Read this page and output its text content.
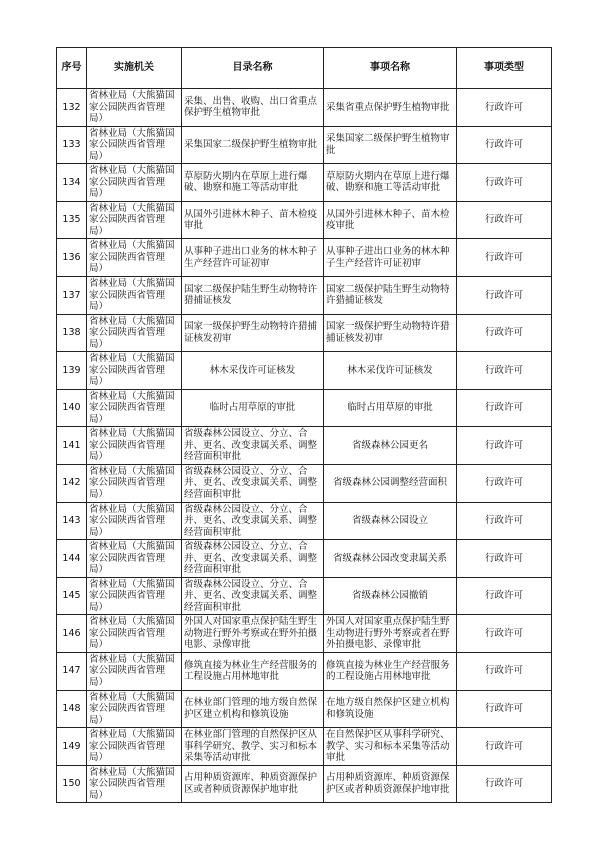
序号	实施机关	目录名称	事项名称	事项类型
132	省林业局（大熊猫国家公园陕西省管理局）	采集、出售、收购、出口省重点保护野生植物审批	采集省重点保护野生植物审批	行政许可
133	省林业局（大熊猫国家公园陕西省管理局）	采集国家二级保护野生植物审批	采集国家二级保护野生植物审批	行政许可
134	省林业局（大熊猫国家公园陕西省管理局）	草原防火期内在草原上进行爆破、勘察和施工等活动审批	草原防火期内在草原上进行爆破、勘察和施工等活动审批	行政许可
135	省林业局（大熊猫国家公园陕西省管理局）	从国外引进林木种子、苗木检疫审批	从国外引进林木种子、苗木检疫审批	行政许可
136	省林业局（大熊猫国家公园陕西省管理局）	从事种子进出口业务的林木种子生产经营许可证初审	从事种子进出口业务的林木种子生产经营许可证初审	行政许可
137	省林业局（大熊猫国家公园陕西省管理局）	国家二级保护陆生野生动物特许猎捕证核发	国家二级保护陆生野生动物特许猎捕证核发	行政许可
138	省林业局（大熊猫国家公园陕西省管理局）	国家一级保护野生动物特许猎捕证核发初审	国家一级保护野生动物特许猎捕证核发初审	行政许可
139	省林业局（大熊猫国家公园陕西省管理局）	林木采伐许可证核发	林木采伐许可证核发	行政许可
140	省林业局（大熊猫国家公园陕西省管理局）	临时占用草原的审批	临时占用草原的审批	行政许可
141	省林业局（大熊猫国家公园陕西省管理局）	省级森林公园设立、分立、合并、更名、改变隶属关系、调整经营面积审批	省级森林公园更名	行政许可
142	省林业局（大熊猫国家公园陕西省管理局）	省级森林公园设立、分立、合并、更名、改变隶属关系、调整经营面积审批	省级森林公园调整经营面积	行政许可
143	省林业局（大熊猫国家公园陕西省管理局）	省级森林公园设立、分立、合并、更名、改变隶属关系、调整经营面积审批	省级森林公园设立	行政许可
144	省林业局（大熊猫国家公园陕西省管理局）	省级森林公园设立、分立、合并、更名、改变隶属关系、调整经营面积审批	省级森林公园改变隶属关系	行政许可
145	省林业局（大熊猫国家公园陕西省管理局）	省级森林公园设立、分立、合并、更名、改变隶属关系、调整经营面积审批	省级森林公园撤销	行政许可
146	省林业局（大熊猫国家公园陕西省管理局）	外国人对国家重点保护陆生野生动物进行野外考察或在野外拍摄电影、录像审批	外国人对国家重点保护陆生野生动物进行野外考察或者在野外拍摄电影、录像审批	行政许可
147	省林业局（大熊猫国家公园陕西省管理局）	修筑直接为林业生产经营服务的工程设施占用林地审批	修筑直接为林业生产经营服务的工程设施占用林地审批	行政许可
148	省林业局（大熊猫国家公园陕西省管理局）	在林业部门管理的地方级自然保护区建立机构和修筑设施	在地方级自然保护区建立机构和修筑设施	行政许可
149	省林业局（大熊猫国家公园陕西省管理局）	在林业部门管理的自然保护区从事科学研究、教学、实习和标本采集等活动审批	在自然保护区从事科学研究、教学、实习和标本采集等活动审批	行政许可
150	省林业局（大熊猫国家公园陕西省管理局）	占用种质资源库、种质资源保护区或者种质资源保护地审批	占用种质资源库、种质资源保护区或者种质资源保护地审批	行政许可
